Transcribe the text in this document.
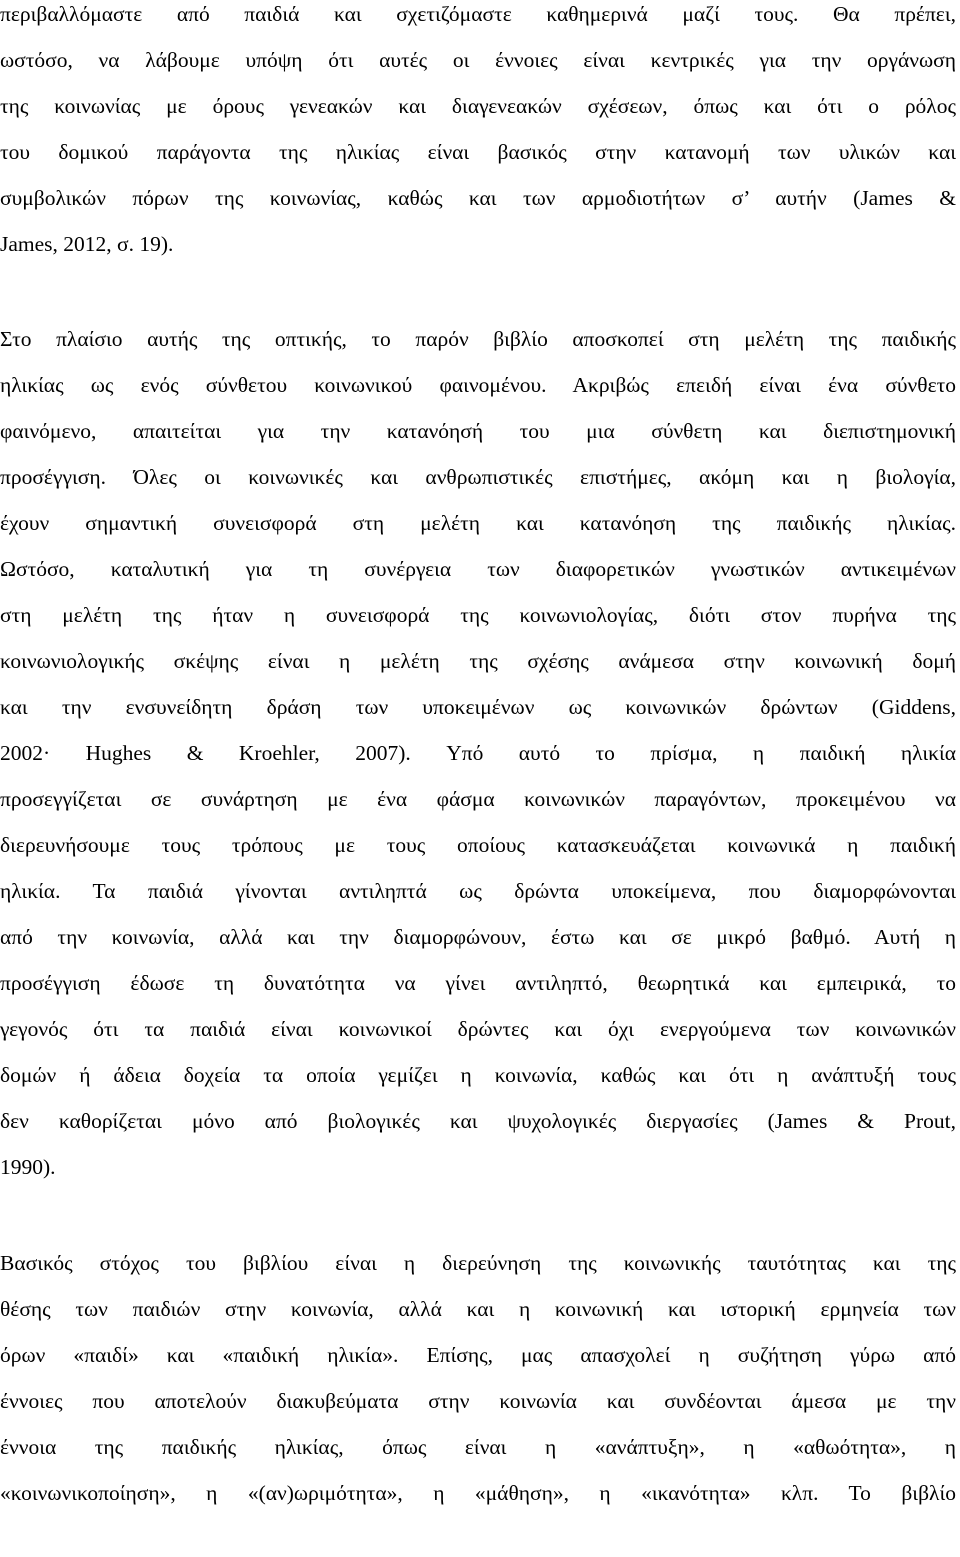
περιβαλλόμαστε από παιδιά και σχετιζόμαστε καθημερινά μαζί τους. Θα πρέπει,
ωστόσο, να λάβουμε υπόψη ότι αυτές οι έννοιες είναι κεντρικές για την οργάνωση
της κοινωνίας με όρους γενεακών και διαγενεακών σχέσεων, όπως και ότι ο ρόλος
του δομικού παράγοντα της ηλικίας είναι βασικός στην κατανομή των υλικών και
συμβολικών πόρων της κοινωνίας, καθώς και των αρμοδιοτήτων σ’ αυτήν (James &
James, 2012, σ. 19).
Στο πλαίσιο αυτής της οπτικής, το παρόν βιβλίο αποσκοπεί στη μελέτη της παιδικής
ηλικίας ως ενός σύνθετου κοινωνικού φαινομένου. Ακριβώς επειδή είναι ένα σύνθετο
φαινόμενο, απαιτείται για την κατανόησή του μια σύνθετη και διεπιστημονική
προσέγγιση. Όλες οι κοινωνικές και ανθρωπιστικές επιστήμες, ακόμη και η βιολογία,
έχουν σημαντική συνεισφορά στη μελέτη και κατανόηση της παιδικής ηλικίας.
Ωστόσο, καταλυτική για τη συνέργεια των διαφορετικών γνωστικών αντικειμένων
στη μελέτη της ήταν η συνεισφορά της κοινωνιολογίας, διότι στον πυρήνα της
κοινωνιολογικής σκέψης είναι η μελέτη της σχέσης ανάμεσα στην κοινωνική δομή
και την ενσυνείδητη δράση των υποκειμένων ως κοινωνικών δρώντων (Giddens,
2002· Hughes & Kroehler, 2007). Υπό αυτό το πρίσμα, η παιδική ηλικία
προσεγγίζεται σε συνάρτηση με ένα φάσμα κοινωνικών παραγόντων, προκειμένου να
διερευνήσουμε τους τρόπους με τους οποίους κατασκευάζεται κοινωνικά η παιδική
ηλικία. Τα παιδιά γίνονται αντιληπτά ως δρώντα υποκείμενα, που διαμορφώνονται
από την κοινωνία, αλλά και την διαμορφώνουν, έστω και σε μικρό βαθμό. Αυτή η
προσέγγιση έδωσε τη δυνατότητα να γίνει αντιληπτό, θεωρητικά και εμπειρικά, το
γεγονός ότι τα παιδιά είναι κοινωνικοί δρώντες και όχι ενεργούμενα των κοινωνικών
δομών ή άδεια δοχεία τα οποία γεμίζει η κοινωνία, καθώς και ότι η ανάπτυξή τους
δεν καθορίζεται μόνο από βιολογικές και ψυχολογικές διεργασίες (James & Prout,
1990).
Βασικός στόχος του βιβλίου είναι η διερεύνηση της κοινωνικής ταυτότητας και της
θέσης των παιδιών στην κοινωνία, αλλά και η κοινωνική και ιστορική ερμηνεία των
όρων «παιδί» και «παιδική ηλικία». Επίσης, μας απασχολεί η συζήτηση γύρω από
έννοιες που αποτελούν διακυβεύματα στην κοινωνία και συνδέονται άμεσα με την
έννοια της παιδικής ηλικίας, όπως είναι η «ανάπτυξη», η «αθωότητα», η
«κοινωνικοποίηση», η «(αν)ωριμότητα», η «μάθηση», η «ικανότητα» κλπ. Το βιβλίο
